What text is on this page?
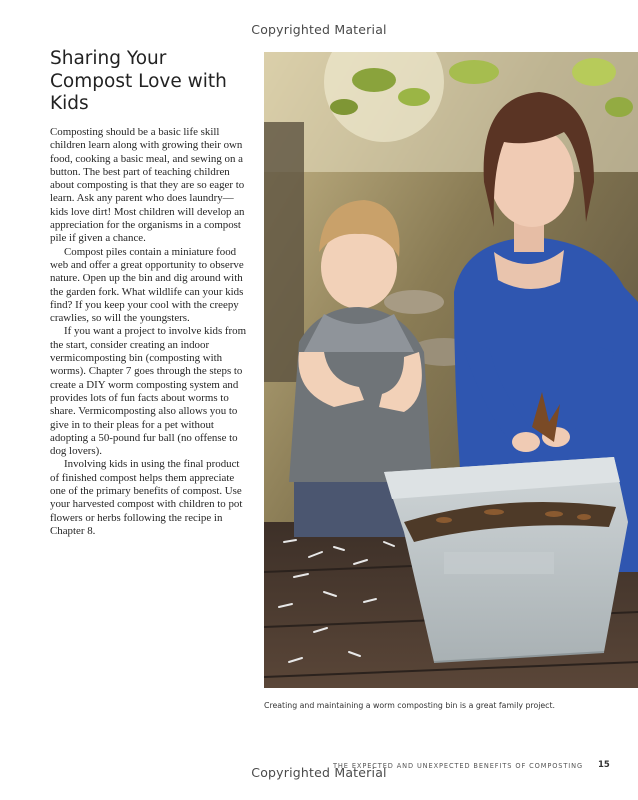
Copyrighted Material
Sharing Your Compost Love with Kids

Composting should be a basic life skill children learn along with growing their own food, cooking a basic meal, and sewing on a button. The best part of teaching children about composting is that they are so eager to learn. Ask any parent who does laundry—kids love dirt! Most children will develop an appreciation for the organisms in a compost pile if given a chance.

Compost piles contain a miniature food web and offer a great opportunity to observe nature. Open up the bin and dig around with the garden fork. What wildlife can your kids find? If you keep your cool with the creepy crawlies, so will the youngsters.

If you want a project to involve kids from the start, consider creating an indoor vermicomposting bin (composting with worms). Chapter 7 goes through the steps to create a DIY worm composting system and provides lots of fun facts about worms to share. Vermicomposting also allows you to give in to their pleas for a pet without adopting a 50-pound fur ball (no offense to dog lovers).

Involving kids in using the final product of finished compost helps them appreciate one of the primary benefits of compost. Use your harvested compost with children to pot flowers or herbs following the recipe in Chapter 8.

Creating and maintaining a worm composting bin is a great family project.
THE EXPECTED AND UNEXPECTED BENEFITS OF COMPOSTING 15
Copyrighted Material
